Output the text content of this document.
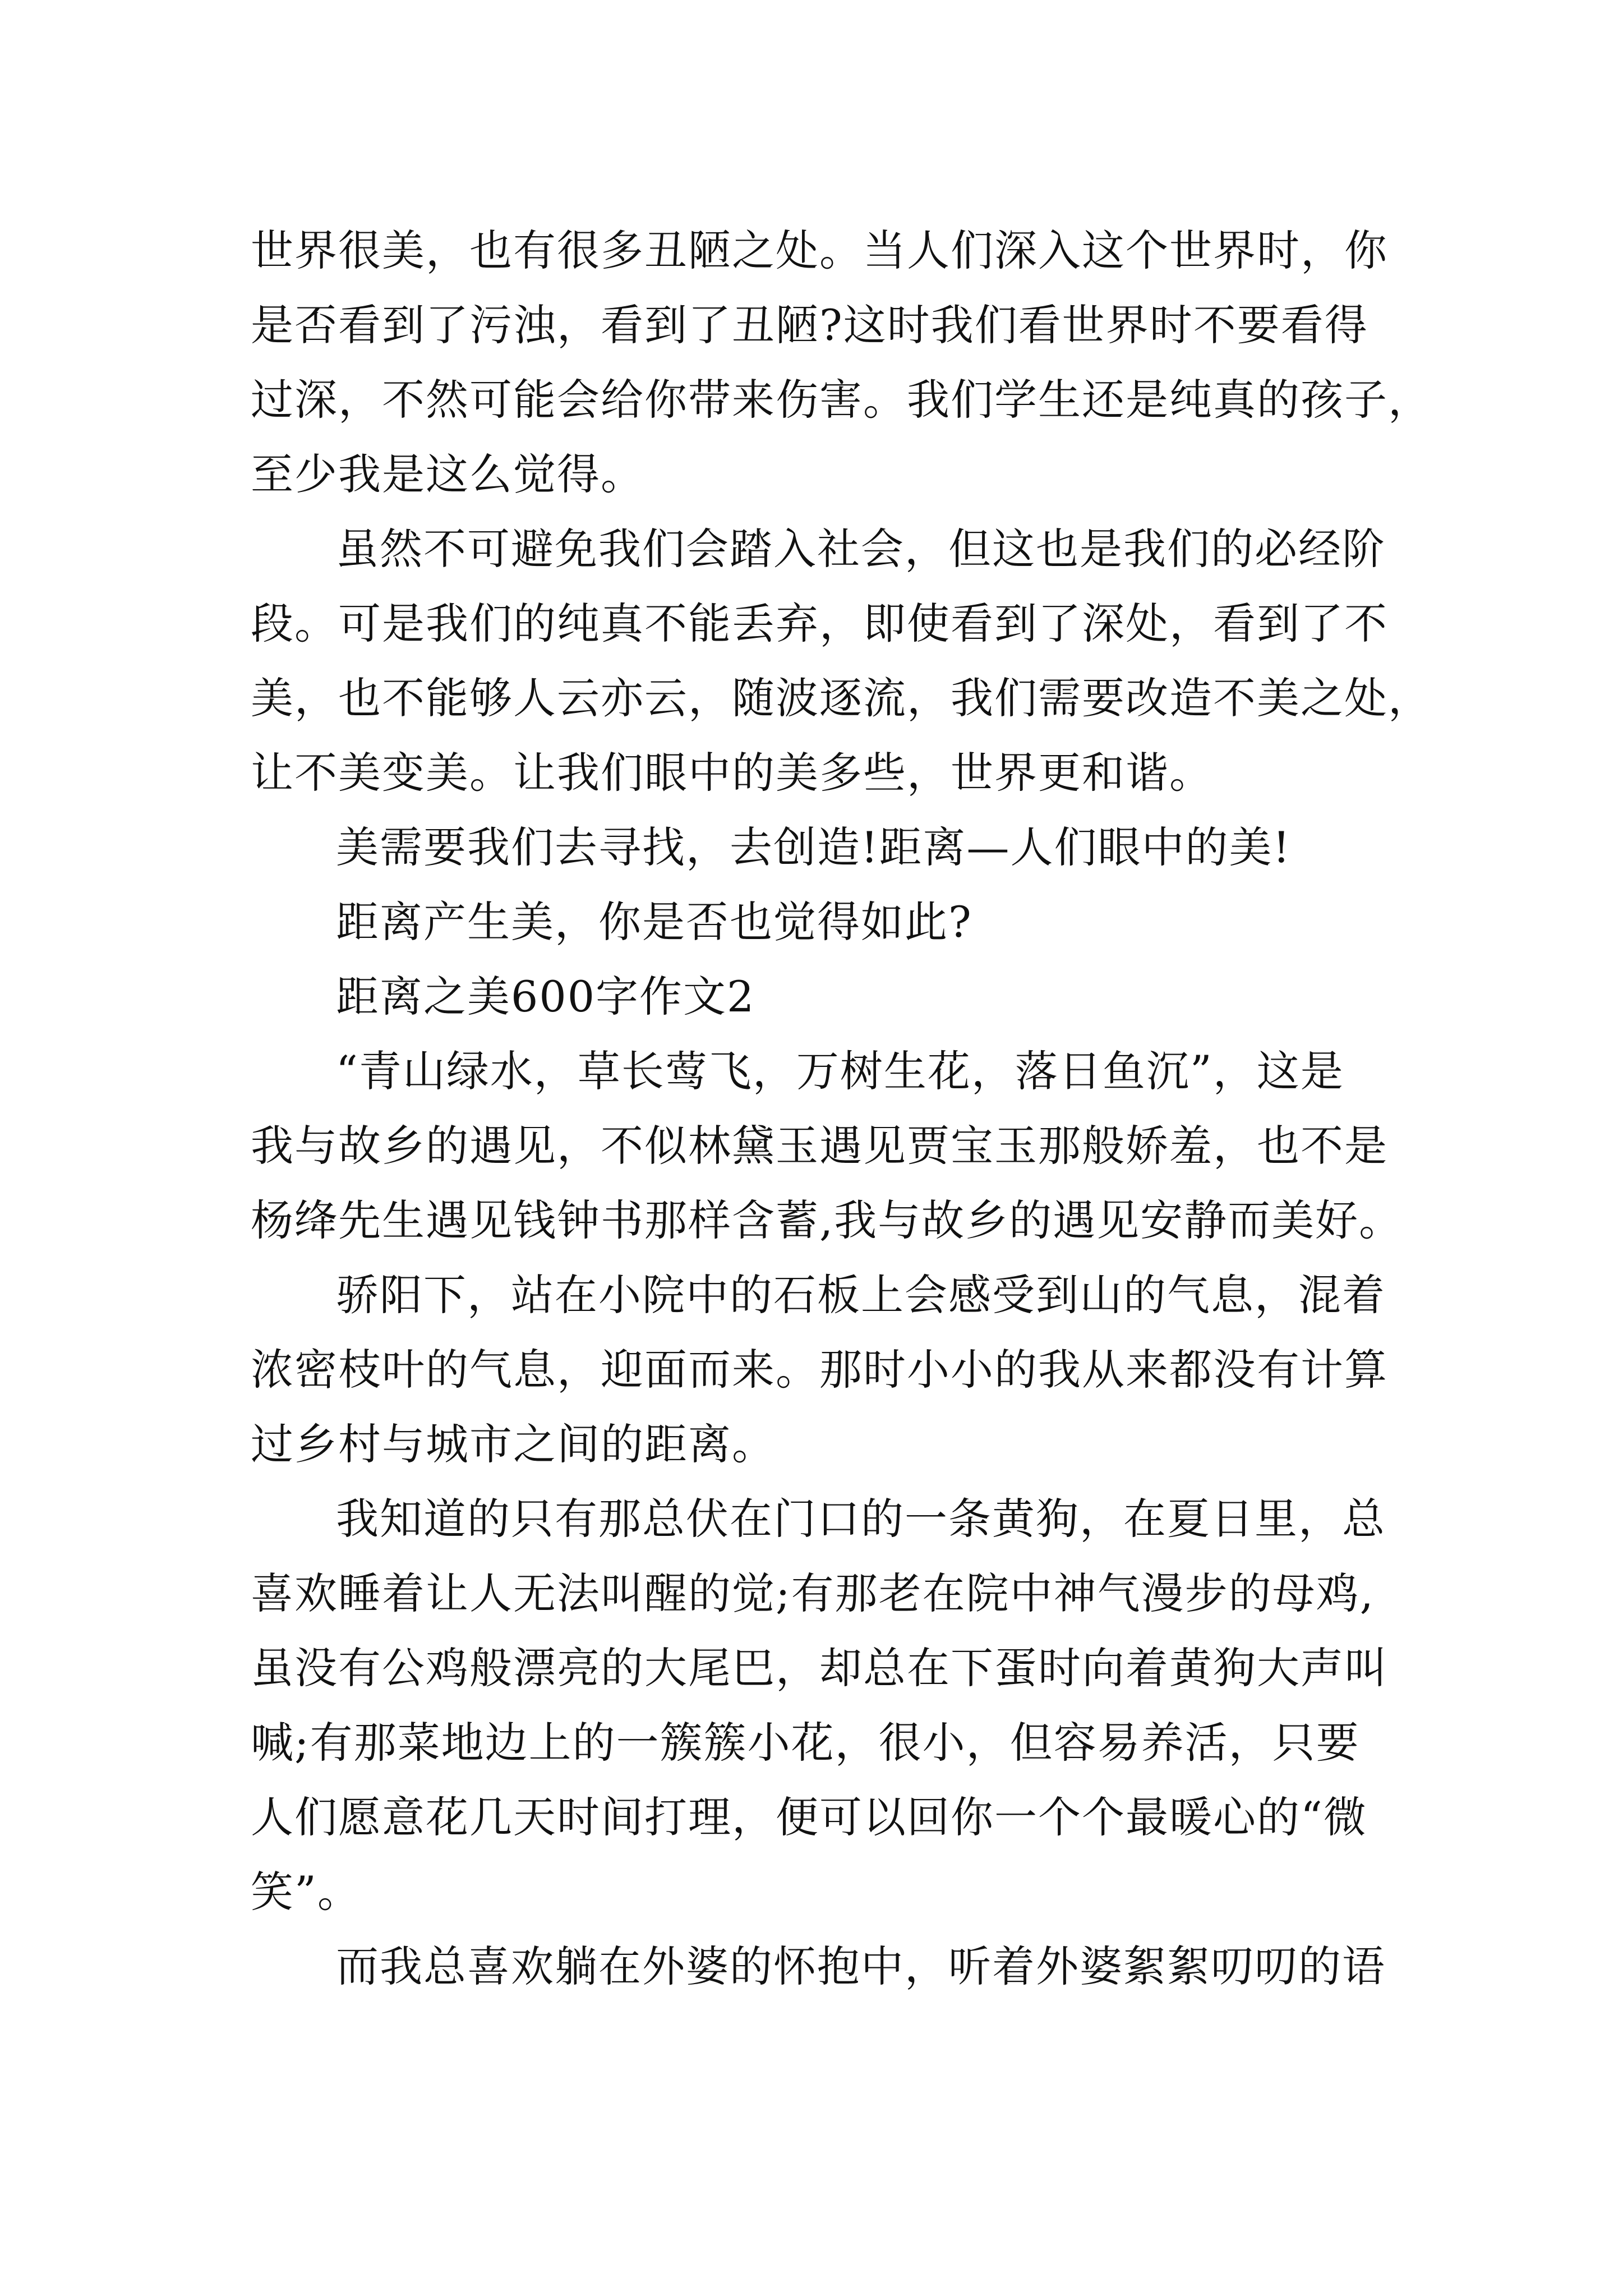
世界很美，也有很多丑陋之处。当人们深入这个世界时，你
是否看到了污浊，看到了丑陋?这时我们看世界时不要看得
过深，不然可能会给你带来伤害。我们学生还是纯真的孩子，
至少我是这么觉得。
虽然不可避免我们会踏入社会，但这也是我们的必经阶
段。可是我们的纯真不能丢弃，即使看到了深处，看到了不
美，也不能够人云亦云，随波逐流，我们需要改造不美之处，
让不美变美。让我们眼中的美多些，世界更和谐。
美需要我们去寻找，去创造!距离—人们眼中的美!
距离产生美，你是否也觉得如此?
距离之美600字作文2
“青山绿水，草长莺飞，万树生花，落日鱼沉”，这是
我与故乡的遇见，不似林黛玉遇见贾宝玉那般娇羞，也不是
杨绛先生遇见钱钟书那样含蓄,我与故乡的遇见安静而美好。
骄阳下，站在小院中的石板上会感受到山的气息，混着
浓密枝叶的气息，迎面而来。那时小小的我从来都没有计算
过乡村与城市之间的距离。
我知道的只有那总伏在门口的一条黄狗，在夏日里，总
喜欢睡着让人无法叫醒的觉;有那老在院中神气漫步的母鸡,
虽没有公鸡般漂亮的大尾巴，却总在下蛋时向着黄狗大声叫
喊;有那菜地边上的一簇簇小花，很小，但容易养活，只要
人们愿意花几天时间打理，便可以回你一个个最暖心的“微
笑”。
而我总喜欢躺在外婆的怀抱中，听着外婆絮絮叨叨的语
